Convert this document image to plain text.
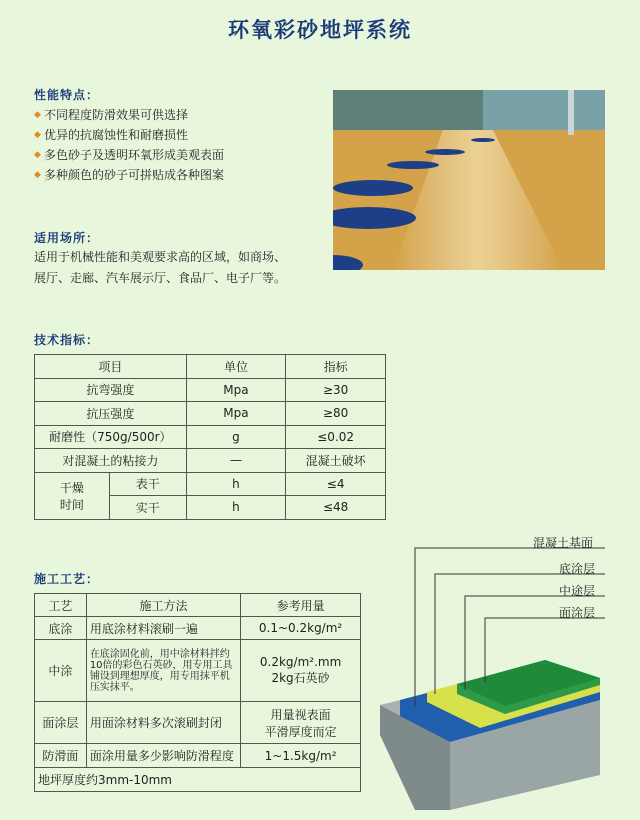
环氧彩砂地坪系统
性能特点：
◆ 不同程度防滑效果可供选择
◆ 优异的抗腐蚀性和耐磨损性
◆ 多色砂子及透明环氧形成美观表面
◆ 多种颜色的砂子可拼贴成各种图案
适用场所：
适用于机械性能和美观要求高的区域，如商场、
展厅、走廊、汽车展示厅、食品厂、电子厂等。
技术指标：
项目		单位	指标
抗弯强度		Mpa	≥30
抗压强度		Mpa	≥80
耐磨性（750g/500r）		g	≤0.02
对混凝土的粘接力		—	混凝土破坏

干燥
时间	表干	h	≤4
	实干	h	≤48
施工工艺：
工艺	施工方法	参考用量
底涂	用底涂材料滚刷一遍	0.1~0.2kg/m²
中涂	在底涂固化前，用中涂材料拌约10倍的彩色石英砂，用专用工具铺设到理想厚度，用专用抹平机压实抹平。	0.2kg/m².mm
2kg石英砂

面涂层	用面涂材料多次滚刷封闭	用量视表面
平滑厚度而定

防滑面	面涂用量多少影响防滑程度	1~1.5kg/m²
地坪厚度约3mm-10mm		
混凝土基面
底涂层
中途层
面涂层
